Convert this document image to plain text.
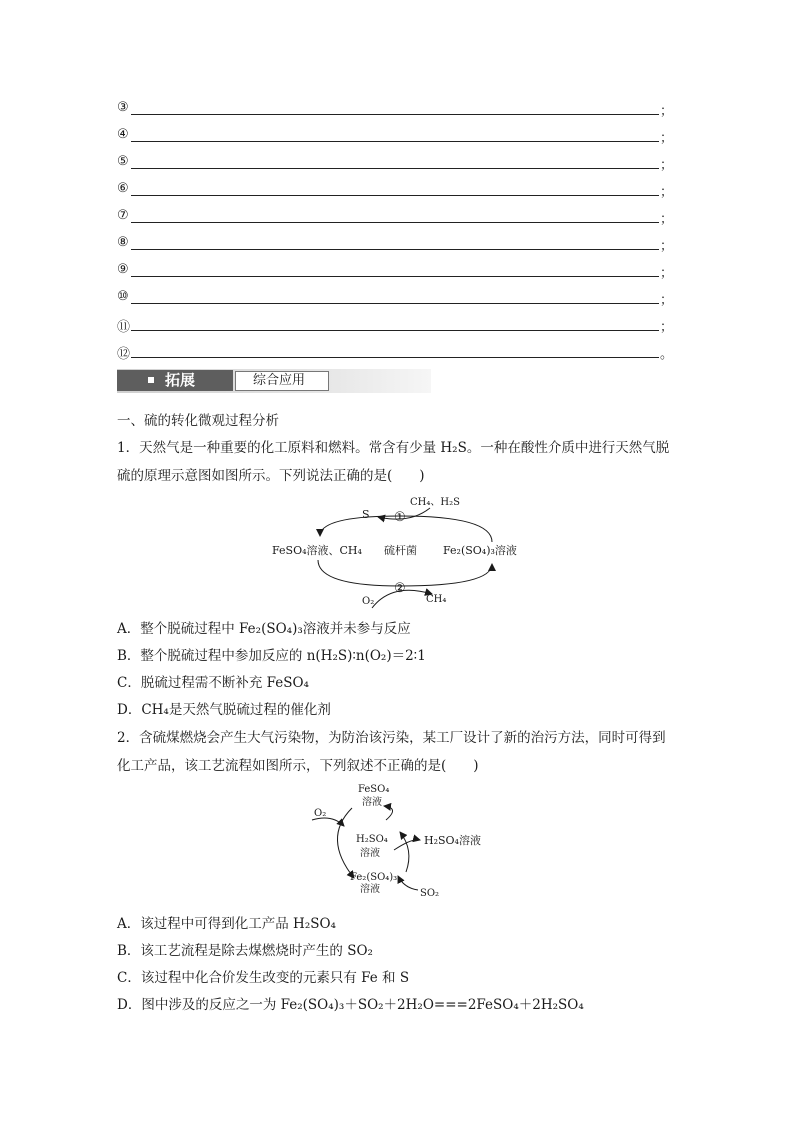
③	；
④	；
⑤	；
⑥	；
⑦	；
⑧	；
⑨	；
⑩	；
⑪	；
⑫	。
拓展	综合应用
一、硫的转化微观过程分析
1．天然气是一种重要的化工原料和燃料。常含有少量 H₂S。一种在酸性介质中进行天然气脱
硫的原理示意图如图所示。下列说法正确的是(　　)
S ①
CH₄、H₂S
FeSO₄溶液、CH₄ 硫杆菌 Fe₂(SO₄)₃溶液
②
O₂	CH₄
A．整个脱硫过程中 Fe₂(SO₄)₃溶液并未参与反应
B．整个脱硫过程中参加反应的 n(H₂S)∶n(O₂)＝2∶1
C．脱硫过程需不断补充 FeSO₄
D．CH₄是天然气脱硫过程的催化剂
2．含硫煤燃烧会产生大气污染物，为防治该污染，某工厂设计了新的治污方法，同时可得到
化工产品，该工艺流程如图所示，下列叙述不正确的是(　　)
FeSO₄
溶液
O₂
H₂SO₄
溶液
H₂SO₄溶液
Fe₂(SO₄)₃
溶液	SO₂
A．该过程中可得到化工产品 H₂SO₄
B．该工艺流程是除去煤燃烧时产生的 SO₂
C．该过程中化合价发生改变的元素只有 Fe 和 S
D．图中涉及的反应之一为 Fe₂(SO₄)₃＋SO₂＋2H₂O===2FeSO₄＋2H₂SO₄
